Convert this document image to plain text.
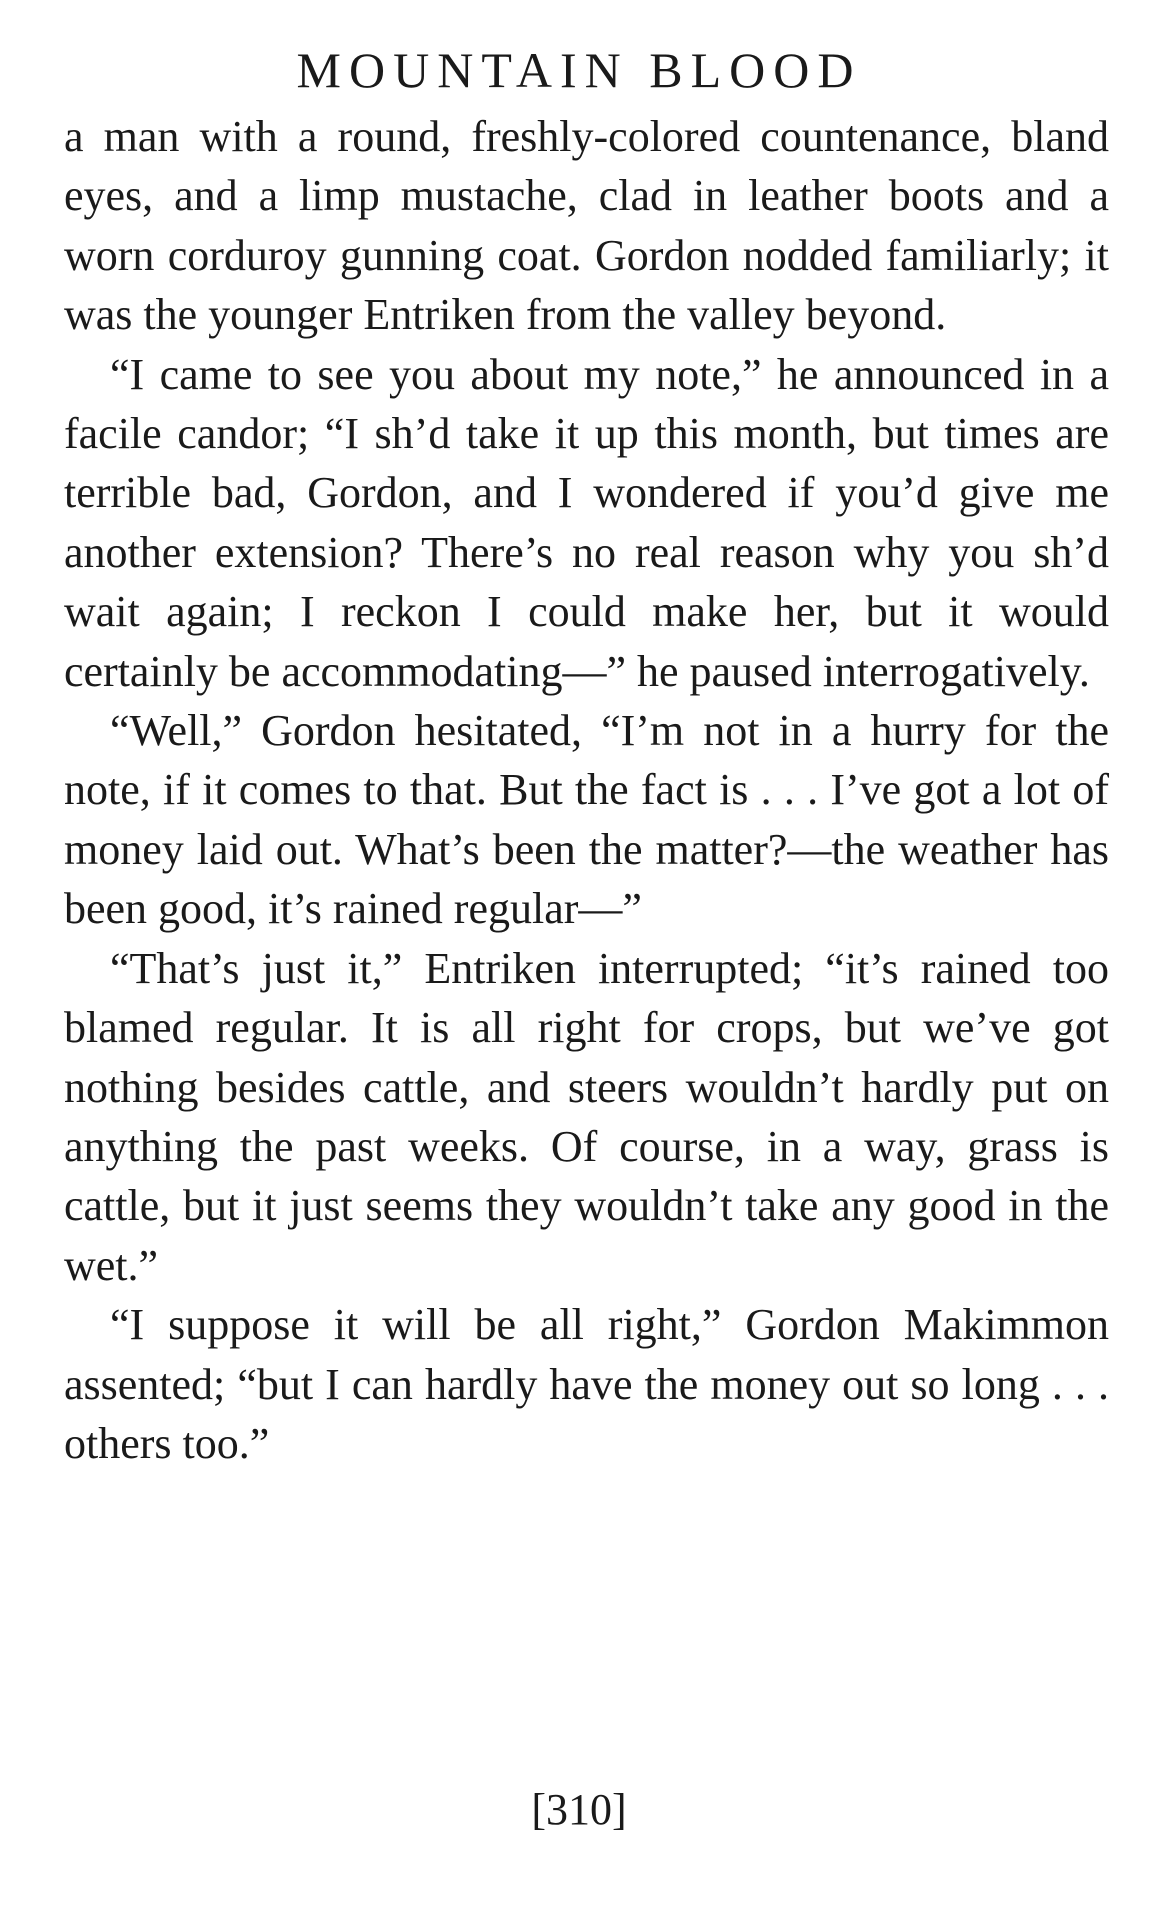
MOUNTAIN BLOOD

a man with a round, freshly-colored countenance, bland eyes, and a limp mustache, clad in leather boots and a worn corduroy gunning coat. Gordon nodded familiarly; it was the younger Entriken from the valley beyond.

“I came to see you about my note,” he announced in a facile candor; “I sh’d take it up this month, but times are terrible bad, Gordon, and I wondered if you’d give me another extension? There’s no real reason why you sh’d wait again; I reckon I could make her, but it would certainly be accommodating—” he paused interrogatively.

“Well,” Gordon hesitated, “I’m not in a hurry for the note, if it comes to that. But the fact is . . . I’ve got a lot of money laid out. What’s been the matter?—the weather has been good, it’s rained regular—”

“That’s just it,” Entriken interrupted; “it’s rained too blamed regular. It is all right for crops, but we’ve got nothing besides cattle, and steers wouldn’t hardly put on anything the past weeks. Of course, in a way, grass is cattle, but it just seems they wouldn’t take any good in the wet.”

“I suppose it will be all right,” Gordon Makimmon assented; “but I can hardly have the money out so long . . . others too.”

[310]
